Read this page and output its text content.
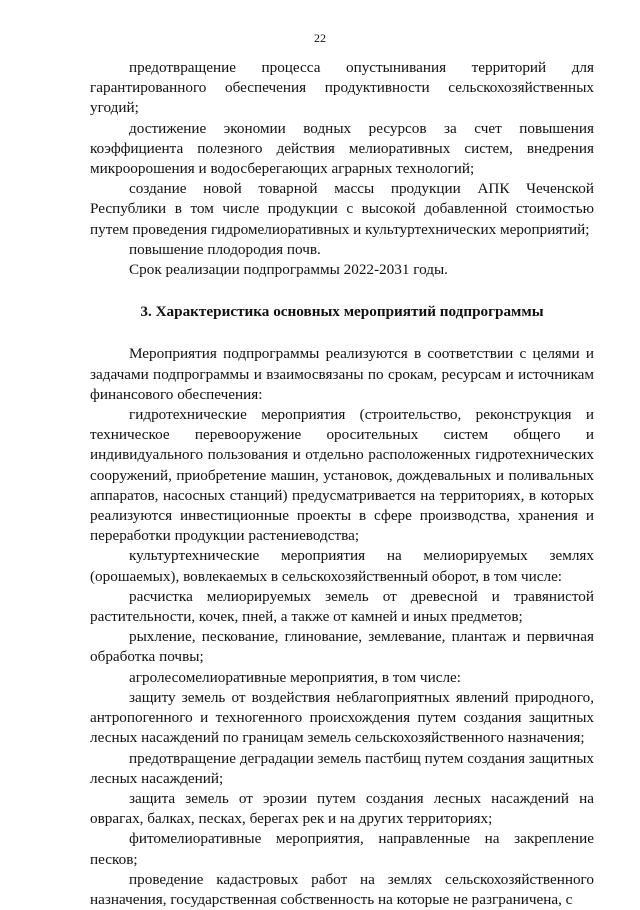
22

предотвращение процесса опустынивания территорий для гарантированного обеспечения продуктивности сельскохозяйственных угодий;

достижение экономии водных ресурсов за счет повышения коэффициента полезного действия мелиоративных систем, внедрения микроорошения и водосберегающих аграрных технологий;

создание новой товарной массы продукции АПК Чеченской Республики в том числе продукции с высокой добавленной стоимостью путем проведения гидромелиоративных и культуртехнических мероприятий;

повышение плодородия почв.

Срок реализации подпрограммы 2022-2031 годы.

3. Характеристика основных мероприятий подпрограммы

Мероприятия подпрограммы реализуются в соответствии с целями и задачами подпрограммы и взаимосвязаны по срокам, ресурсам и источникам финансового обеспечения:

гидротехнические мероприятия (строительство, реконструкция и техническое перевооружение оросительных систем общего и индивидуального пользования и отдельно расположенных гидротехнических сооружений, приобретение машин, установок, дождевальных и поливальных аппаратов, насосных станций) предусматривается на территориях, в которых реализуются инвестиционные проекты в сфере производства, хранения и переработки продукции растениеводства;

культуртехнические мероприятия на мелиорируемых землях (орошаемых), вовлекаемых в сельскохозяйственный оборот, в том числе:

расчистка мелиорируемых земель от древесной и травянистой растительности, кочек, пней, а также от камней и иных предметов;

рыхление, пескование, глинование, землевание, плантаж и первичная обработка почвы;

агролесомелиоративные мероприятия, в том числе:

защиту земель от воздействия неблагоприятных явлений природного, антропогенного и техногенного происхождения путем создания защитных лесных насаждений по границам земель сельскохозяйственного назначения;

предотвращение деградации земель пастбищ путем создания защитных лесных насаждений;

защита земель от эрозии путем создания лесных насаждений на оврагах, балках, песках, берегах рек и на других территориях;

фитомелиоративные мероприятия, направленные на закрепление песков;

проведение кадастровых работ на землях сельскохозяйственного назначения, государственная собственность на которые не разграничена, с
